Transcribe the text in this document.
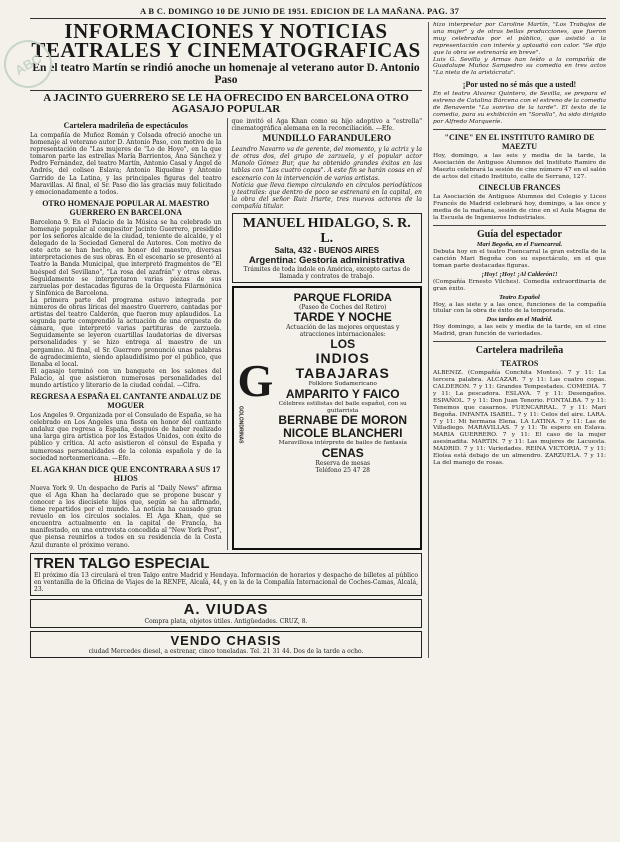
ABC
A B C. DOMINGO 10 DE JUNIO DE 1951. EDICION DE LA MAÑANA. PAG. 37
INFORMACIONES Y NOTICIAS
TEATRALES Y CINEMATOGRAFICAS
En el teatro Martín se rindió anoche un homenaje al veterano autor D. Antonio Paso
A JACINTO GUERRERO SE LE HA OFRECIDO EN BARCELONA OTRO AGASAJO POPULAR
Cartelera madrileña de espectáculos

La compañía de Muñoz Román y Colsada ofreció anoche un homenaje al veterano autor D. Antonio Paso, con motivo de la representación de "Las mujeres de "Lo de Hoyo", en la que tomaron parte las estrellas María Barrientos, Ana Sánchez y Pedro Fernández, del teatro Martín, Antonio Casal y Ángel de Andrés, del coliseo Eslava; Antonio Riquelme y Antonio Garrido de La Latina, y las principales figuras del teatro Maravillas. Al final, el Sr. Paso dio las gracias muy felicitado y emocionadamente a todos.

OTRO HOMENAJE POPULAR AL MAESTRO GUERRERO EN BARCELONA

Barcelona 9. En el Palacio de la Música se ha celebrado un homenaje popular al compositor Jacinto Guerrero, presidido por los señores alcalde de la ciudad, teniente de alcalde, y el delegado de la Sociedad General de Autores. Con motivo de este acto se han hecho, en honor del maestro, diversas interpretaciones de sus obras. En el escenario se presentó al Teatro la Banda Municipal, que interpretó fragmentos de "El huésped del Sevillano", "La rosa del azafrán" y otras obras. Seguidamente se interpretaron varias piezas de sus zarzuelas por destacadas figuras de la Orquesta Filarmónica y Sinfónica de Barcelona.

La primera parte del programa estuvo integrada por números de obras líricas del maestro Guerrero, cantadas por artistas del teatro Calderón, que fueron muy aplaudidos. La segunda parte comprendió la actuación de una orquesta de cámara, que interpretó varias partituras de zarzuela. Seguidamente se leyeron cuartillas laudatorias de diversas personalidades y se hizo entrega al maestro de un pergamino. Al final, el Sr. Guerrero pronunció unas palabras de agradecimiento, siendo aplaudidísimo por el público, que llenaba el local.

El agasajo terminó con un banquete en los salones del Palacio, al que asistieron numerosas personalidades del mundo artístico y literario de la ciudad condal. —Cifra.

REGRESA A ESPAÑA EL CANTANTE ANDALUZ DE MOGUER

Los Angeles 9. Organizada por el Consulado de España, se ha celebrado en Los Angeles una fiesta en honor del cantante andaluz que regresa a España, después de haber realizado una larga gira artística por los Estados Unidos, con éxito de público y crítica. Al acto asistieron el cónsul de España y numerosas personalidades de la colonia española y de la sociedad norteamericana. —Efe.

EL AGA KHAN DICE QUE ENCONTRARA A SUS 17 HIJOS

Nueva York 9. Un despacho de París al "Daily News" afirma que el Aga Khan ha declarado que se propone buscar y conocer a los diecisiete hijos que, según se ha afirmado, tiene repartidos por el mundo. La noticia ha causado gran revuelo en los círculos sociales. El Aga Khan, que se encuentra actualmente en la capital de Francia, ha manifestado, en una entrevista concedida al "New York Post", que piensa reunirlos a todos en su residencia de la Costa Azul durante el próximo verano.

que invitó el Aga Khan como su hijo adoptivo a "estrella" cinematográfica alemana en la reconciliación. —Efe.

MUNDILLO FARANDULERO

Leandro Navarro va de gerente, del momento, y la actriz y la de otras dos, del grupo de zarzuela, y el popular actor Manolo Gómez Bur, que ha obtenido grandes éxitos en las tablas con "Las cuatro copas". A este fin se harán cosas en el escenario con la intervención de varios artistas.

Noticia que lleva tiempo circulando en círculos periodísticos y teatrales: que dentro de poco se estrenará en la capital, en la obra del señor Ruiz Iriarte, tres nuevos actores de la compañía titular.

MANUEL HIDALGO, S. R. L.
Salta, 432 - BUENOS AIRES
Argentina: Gestoría administrativa
Trámites de toda índole en América, excepto cartas de llamada y contratos de trabajo.
G
GOLONDRINAS
PARQUE FLORIDA
(Paseo de Coches del Retiro)
TARDE Y NOCHE
Actuación de las mejores orquestas y atracciones internacionales:
LOS
INDIOS TABAJARAS
Folklore Sudamericano
AMPARITO Y FAICO
Célebres estilistas del baile español, con su guitarrista
BERNABE DE MORON
NICOLE BLANCHERI
Maravillosa intérprete de bailes de fantasía
CENAS
Reserva de mesas
Teléfono 25 47 28
TREN TALGO ESPECIAL
El próximo día 13 circulará el tren Talgo entre Madrid y Hendaya. Información de horarios y despacho de billetes al público en ventanilla de la Oficina de Viajes de la RENFE, Alcalá, 44, y en la de la Compañía Internacional de Coches-Camas, Alcalá, 23.
A. VIUDAS
Compra plata, objetos útiles. Antigüedades. CRUZ, 8.
VENDO CHASIS
ciudad Mercedes diesel, a estrenar, cinco toneladas. Tel. 21 31 44. Dos de la tarde a ocho.

hizo interpretar por Caroline Martín, "Los Trabajos de una mujer" y de otras bellas producciones, que fueron muy celebradas por el público, que asistió a la representación con interés y aplaudió con calor. "Se dijo que la obra se estrenaría en breve".

Luis G. Sevilla y Armas han leído a la compañía de Guadalupe Muñoz Sampedro su comedia en tres actos "La nieta de la aristócrata".

¡Por usted no sé más que a usted!

En el teatro Alvarez Quintero, de Sevilla, se prepara el estreno de Catalina Bárcena con el estreno de la comedia de Benavente "La sonrisa de la tarde". El texto de la comedia, para su exhibición en "Sorolla", ha sido dirigido por Alfredo Marqueríe.

"CINE" EN EL INSTITUTO RAMIRO DE MAEZTU

Hoy, domingo, a las seis y media de la tarde, la Asociación de Antiguos Alumnos del Instituto Ramiro de Maeztu celebrará la sesión de cine número 47 en el salón de actos del citado Instituto, calle de Serrano, 127.

CINECLUB FRANCES

La Asociación de Antiguos Alumnos del Colegio y Liceo Francés de Madrid celebrará hoy, domingo, a las once y media de la mañana, sesión de cine en el Aula Magna de la Escuela de Ingenieros Industriales.

Guía del espectador
Mari Begoña, en el Fuencarral.

Debuta hoy en el teatro Fuencarral la gran estrella de la canción Mari Begoña con su espectáculo, en el que toman parte destacadas figuras.

¡Hoy! ¡Hoy! ¡Al Calderón!!

(Compañía Ernesto Vilches). Comedia extraordinaria de gran éxito.

Teatro Español

Hoy, a las siete y a las once, funciones de la compañía titular con la obra de éxito de la temporada.

Dos tardes en el Madrid.

Hoy domingo, a las seis y media de la tarde, en el cine Madrid, gran función de variedades.

Cartelera madrileña
TEATROS

ALBENIZ. (Compañía Conchita Montes). 7 y 11: La tercera palabra. ALCAZAR. 7 y 11: Las cuatro copas. CALDERON. 7 y 11: Grandes Tempestades. COMEDIA. 7 y 11: La pescadora. ESLAVA. 7 y 11: Desengaños. ESPAÑOL. 7 y 11: Don Juan Tenorio. FONTALBA. 7 y 11: Tenemos que casarnos. FUENCARRAL. 7 y 11: Mari Begoña. INFANTA ISABEL. 7 y 11: Celos del aire. LARA. 7 y 11: Mi hermana Elena. LA LATINA. 7 y 11: Las de Villadiego. MARAVILLAS. 7 y 11: Te espero en Eslava. MARIA GUERRERO. 7 y 11: El caso de la mujer asesinadita. MARTIN. 7 y 11: Las mujeres de Lacuesta. MADRID. 7 y 11: Variedades. REINA VICTORIA. 7 y 11: Eloísa está debajo de un almendro. ZARZUELA. 7 y 11: La del manojo de rosas.
